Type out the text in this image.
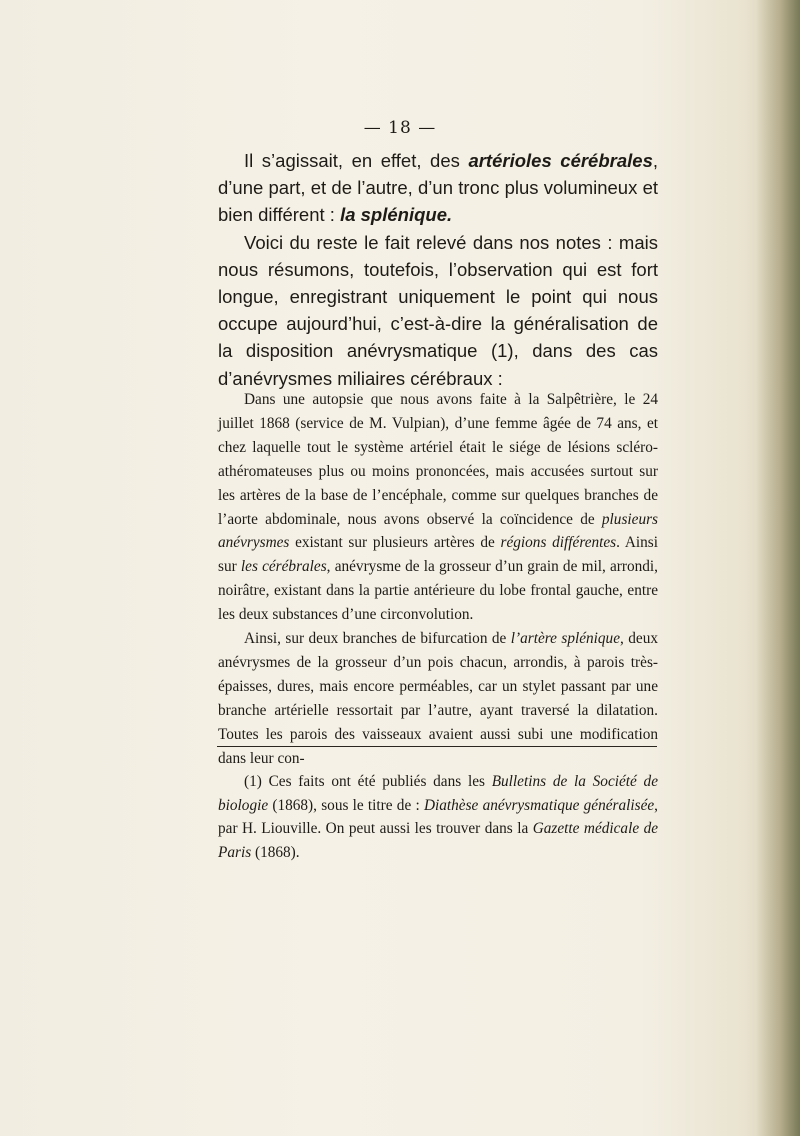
— 18 —

Il s’agissait, en effet, des artérioles cérébrales, d’une part, et de l’autre, d’un tronc plus volumineux et bien différent : la splénique.

Voici du reste le fait relevé dans nos notes : mais nous résumons, toutefois, l’observation qui est fort longue, enregistrant uniquement le point qui nous occupe aujourd’hui, c’est-à-dire la généralisation de la disposition anévrysmatique (1), dans des cas d’anévrysmes miliaires cérébraux :

Dans une autopsie que nous avons faite à la Salpêtrière, le 24 juillet 1868 (service de M. Vulpian), d’une femme âgée de 74 ans, et chez laquelle tout le système artériel était le siége de lésions scléro-athéromateuses plus ou moins prononcées, mais accusées surtout sur les artères de la base de l’encéphale, comme sur quelques branches de l’aorte abdominale, nous avons observé la coïncidence de plusieurs anévrysmes existant sur plusieurs artères de régions différentes. Ainsi sur les cérébrales, anévrysme de la grosseur d’un grain de mil, arrondi, noirâtre, existant dans la partie antérieure du lobe frontal gauche, entre les deux substances d’une circonvolution.

Ainsi, sur deux branches de bifurcation de l’artère splénique, deux anévrysmes de la grosseur d’un pois chacun, arrondis, à parois très-épaisses, dures, mais encore perméables, car un stylet passant par une branche artérielle ressortait par l’autre, ayant traversé la dilatation. Toutes les parois des vaisseaux avaient aussi subi une modification dans leur con-

(1) Ces faits ont été publiés dans les Bulletins de la Société de biologie (1868), sous le titre de : Diathèse anévrysmatique généralisée, par H. Liouville. On peut aussi les trouver dans la Gazette médicale de Paris (1868).
